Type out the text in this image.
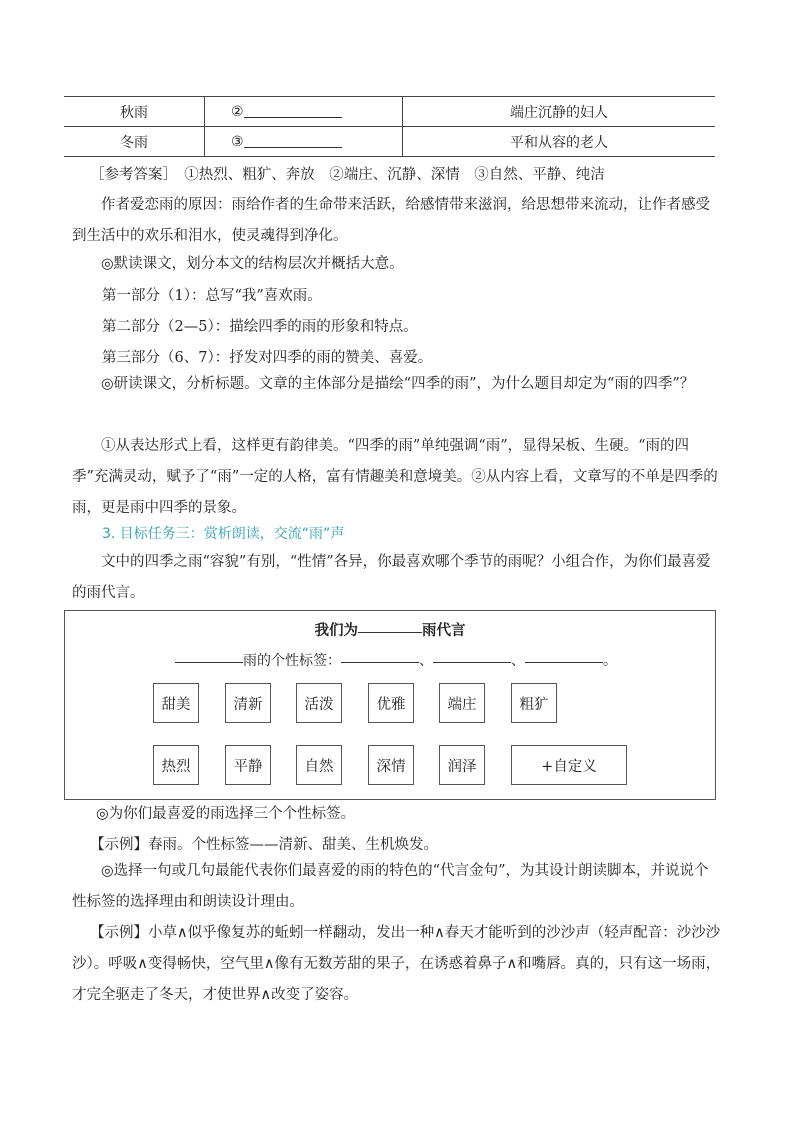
秋雨	②	端庄沉静的妇人
冬雨	③	平和从容的老人
［参考答案］　①热烈、粗犷、奔放　②端庄、沉静、深情　③自然、平静、纯洁
作者爱恋雨的原因：雨给作者的生命带来活跃，给感情带来滋润，给思想带来流动，让作者感受到生活中的欢乐和泪水，使灵魂得到净化。
◎默读课文，划分本文的结构层次并概括大意。
第一部分（1）：总写“我”喜欢雨。
第二部分（2—5）：描绘四季的雨的形象和特点。
第三部分（6、7）：抒发对四季的雨的赞美、喜爱。
◎研读课文，分析标题。文章的主体部分是描绘“四季的雨”，为什么题目却定为“雨的四季”？
①从表达形式上看，这样更有韵律美。“四季的雨”单纯强调“雨”，显得呆板、生硬。“雨的四季”充满灵动，赋予了“雨”一定的人格，富有情趣美和意境美。②从内容上看，文章写的不单是四季的雨，更是雨中四季的景象。
3. 目标任务三：赏析朗读，交流“雨”声
文中的四季之雨“容貌”有别，“性情”各异，你最喜欢哪个季节的雨呢？小组合作，为你们最喜爱的雨代言。
我们为	雨代言
雨的个性标签：	、	、	。
甜美	清新	活泼	优雅	端庄	粗犷
热烈	平静	自然	深情	润泽	+自定义
◎为你们最喜爱的雨选择三个个性标签。
【示例】春雨。个性标签——清新、甜美、生机焕发。
◎选择一句或几句最能代表你们最喜爱的雨的特色的“代言金句”，为其设计朗读脚本，并说说个性标签的选择理由和朗读设计理由。
【示例】小草∧似乎像复苏的蚯蚓一样翻动，发出一种∧春天才能听到的沙沙声（轻声配音：沙沙沙沙）。呼吸∧变得畅快，空气里∧像有无数芳甜的果子，在诱惑着鼻子∧和嘴唇。真的，只有这一场雨，才完全驱走了冬天，才使世界∧改变了姿容。
